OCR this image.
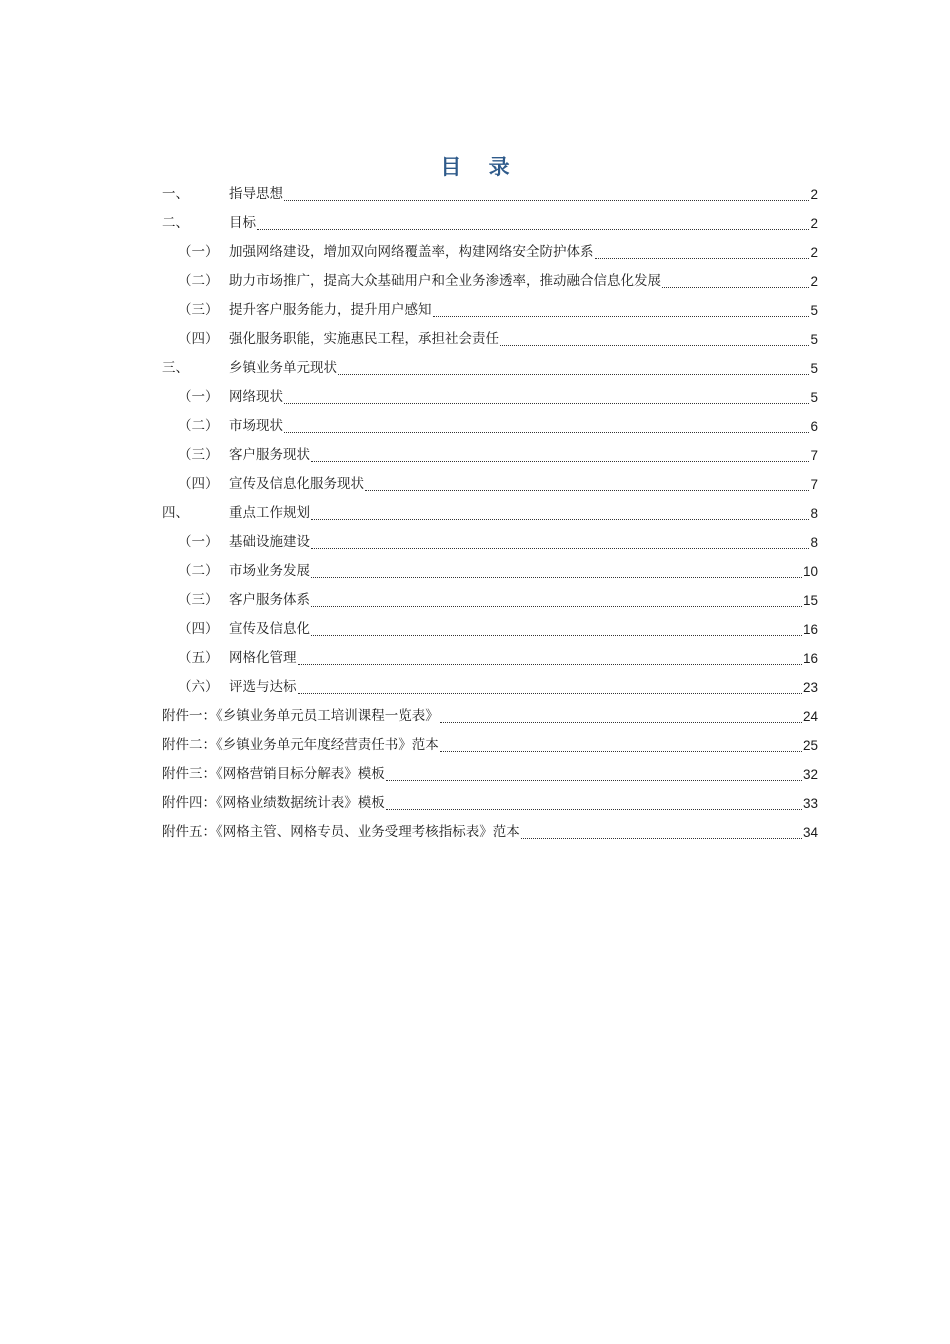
目 录
一、	指导思想	2
二、	目标	2
（一） 加强网络建设，增加双向网络覆盖率，构建网络安全防护体系	2
（二） 助力市场推广，提高大众基础用户和全业务渗透率，推动融合信息化发展	2
（三） 提升客户服务能力，提升用户感知	5
（四） 强化服务职能，实施惠民工程，承担社会责任	5
三、	乡镇业务单元现状	5
（一） 网络现状	5
（二） 市场现状	6
（三） 客户服务现状	7
（四） 宣传及信息化服务现状	7
四、	重点工作规划	8
（一） 基础设施建设	8
（二） 市场业务发展	10
（三） 客户服务体系	15
（四） 宣传及信息化	16
（五） 网格化管理	16
（六） 评选与达标	23
附件一：《乡镇业务单元员工培训课程一览表》	24
附件二：《乡镇业务单元年度经营责任书》范本	25
附件三：《网格营销目标分解表》模板	32
附件四：《网格业绩数据统计表》模板	33
附件五：《网格主管、网格专员、业务受理考核指标表》范本	34
